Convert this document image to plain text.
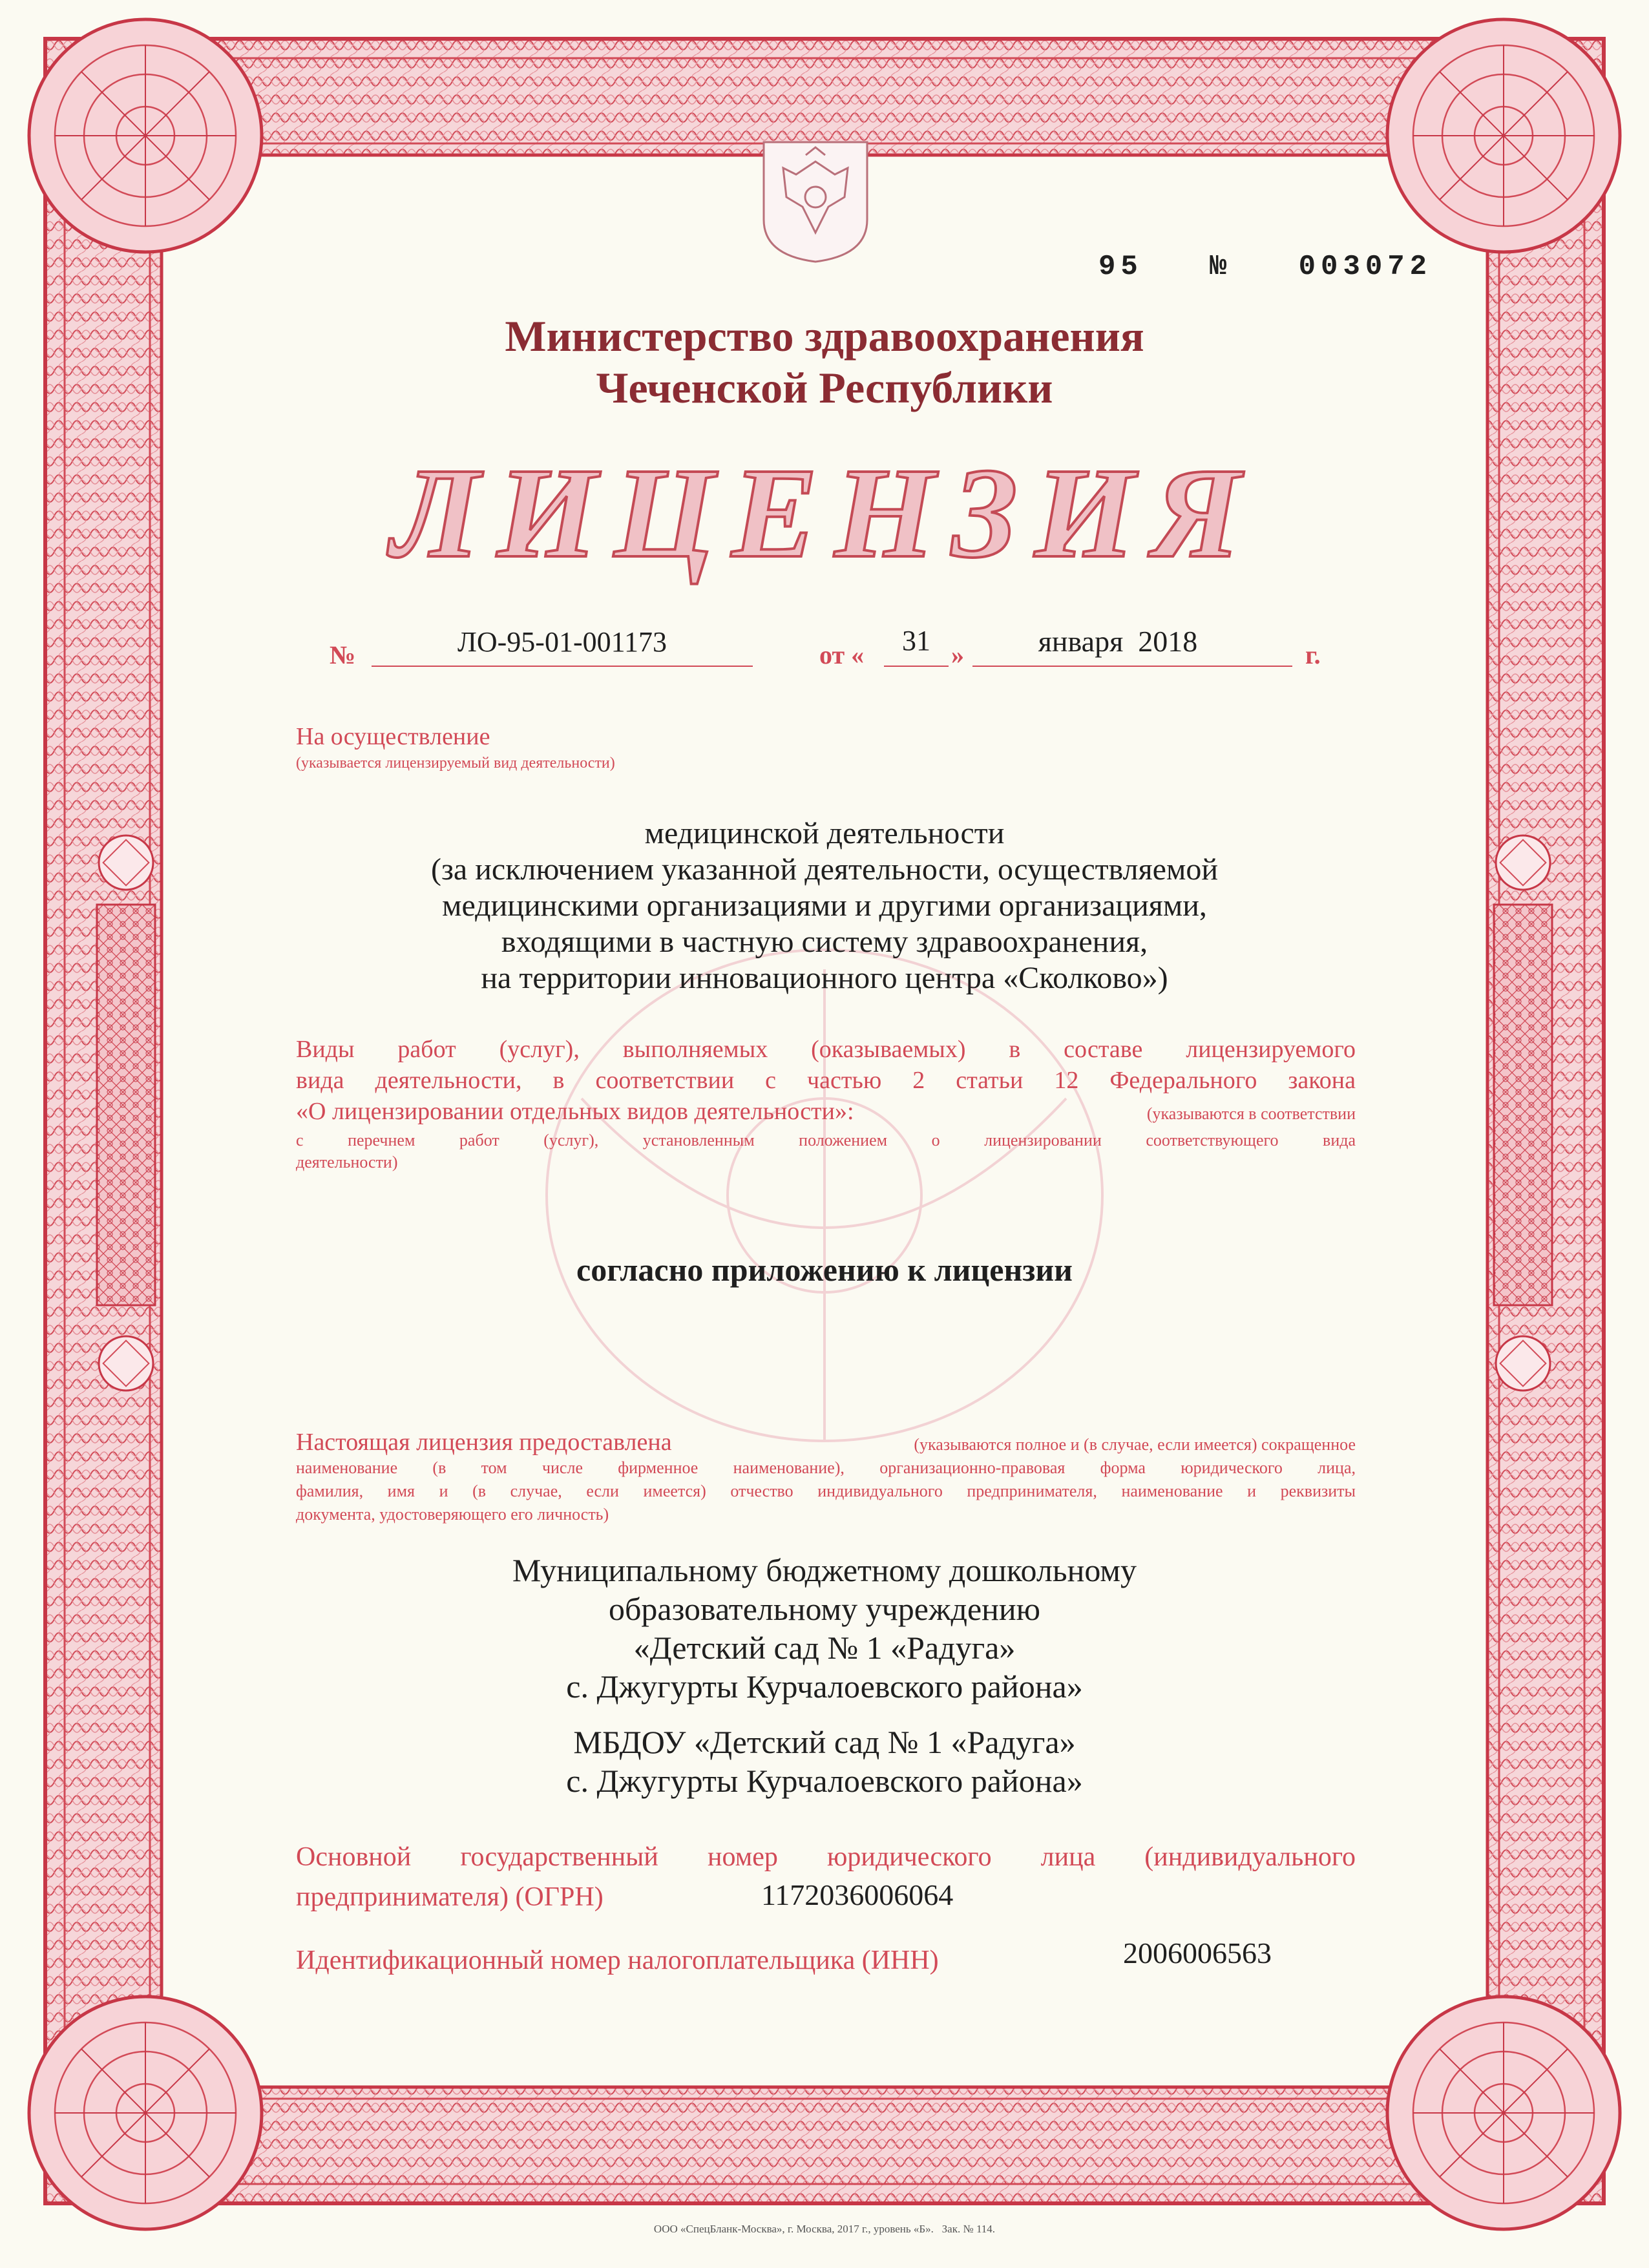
95 № 003072
Министерство здравоохранения
Чеченской Республики
ЛИЦЕНЗИЯ
№	ЛО-95-01-001173	от «	31 »	января  2018	г.
На осуществление
(указывается лицензируемый вид деятельности)
медицинской деятельности
(за исключением указанной деятельности, осуществляемой
медицинскими организациями и другими организациями,
входящими в частную систему здравоохранения,
на территории инновационного центра «Сколково»)
Виды работ (услуг), выполняемых (оказываемых) в составе лицензируемого
вида деятельности, в соответствии с частью 2 статьи 12 Федерального закона
«О лицензировании отдельных видов деятельности»:	(указываются в соответствии
с перечнем работ (услуг), установленным положением о лицензировании соответствующего вида
деятельности)
согласно приложению к лицензии
Настоящая лицензия предоставлена	(указываются полное и (в случае, если имеется) сокращенное
наименование (в том числе фирменное наименование), организационно-правовая форма юридического лица,
фамилия, имя и (в случае, если имеется) отчество индивидуального предпринимателя, наименование и реквизиты
документа, удостоверяющего его личность)
Муниципальному бюджетному дошкольному
образовательному учреждению
«Детский сад № 1 «Радуга»
с. Джугурты Курчалоевского района»
МБДОУ «Детский сад № 1 «Радуга»
с. Джугурты Курчалоевского района»
Основной государственный номер юридического лица (индивидуального
предпринимателя) (ОГРН)	1172036006064
Идентификационный номер налогоплательщика (ИНН)	2006006563
ООО «СпецБланк-Москва», г. Москва, 2017 г., уровень «Б».   Зак. № 114.
